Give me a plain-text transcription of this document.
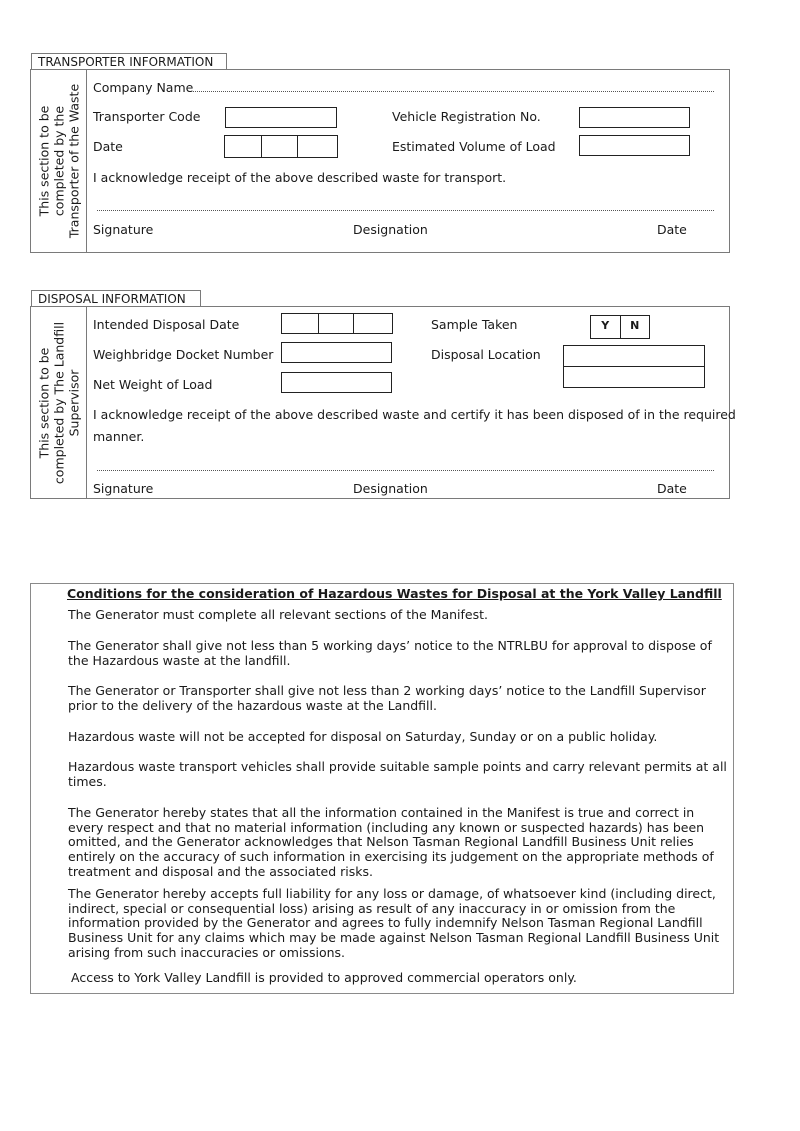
TRANSPORTER INFORMATION
This section to be completed by the Transporter of the Waste Company Name
Transporter Code	Vehicle Registration No.
Date	Estimated Volume of Load
I acknowledge receipt of the above described waste for transport.
Signature	Designation	Date
DISPOSAL INFORMATION
This section to be completed by The Landfill Supervisor
Intended Disposal Date	Sample Taken	Y	N
Weighbridge Docket Number	Disposal Location
Net Weight of Load
I acknowledge receipt of the above described waste and certify it has been disposed of in the required
manner.
Signature	Designation	Date
Conditions for the consideration of Hazardous Wastes for Disposal at the York Valley Landfill
The Generator must complete all relevant sections of the Manifest.
The Generator shall give not less than 5 working days’ notice to the NTRLBU for approval to dispose of the Hazardous waste at the landfill.
The Generator or Transporter shall give not less than 2 working days’ notice to the Landfill Supervisor prior to the delivery of the hazardous waste at the Landfill.
Hazardous waste will not be accepted for disposal on Saturday, Sunday or on a public holiday.
Hazardous waste transport vehicles shall provide suitable sample points and carry relevant permits at all times.
The Generator hereby states that all the information contained in the Manifest is true and correct in every respect and that no material information (including any known or suspected hazards) has been omitted, and the Generator acknowledges that Nelson Tasman Regional Landfill Business Unit relies entirely on the accuracy of such information in exercising its judgement on the appropriate methods of treatment and disposal and the associated risks.
The Generator hereby accepts full liability for any loss or damage, of whatsoever kind (including direct, indirect, special or consequential loss) arising as result of any inaccuracy in or omission from the information provided by the Generator and agrees to fully indemnify Nelson Tasman Regional Landfill Business Unit for any claims which may be made against Nelson Tasman Regional Landfill Business Unit arising from such inaccuracies or omissions.
Access to York Valley Landfill is provided to approved commercial operators only.
